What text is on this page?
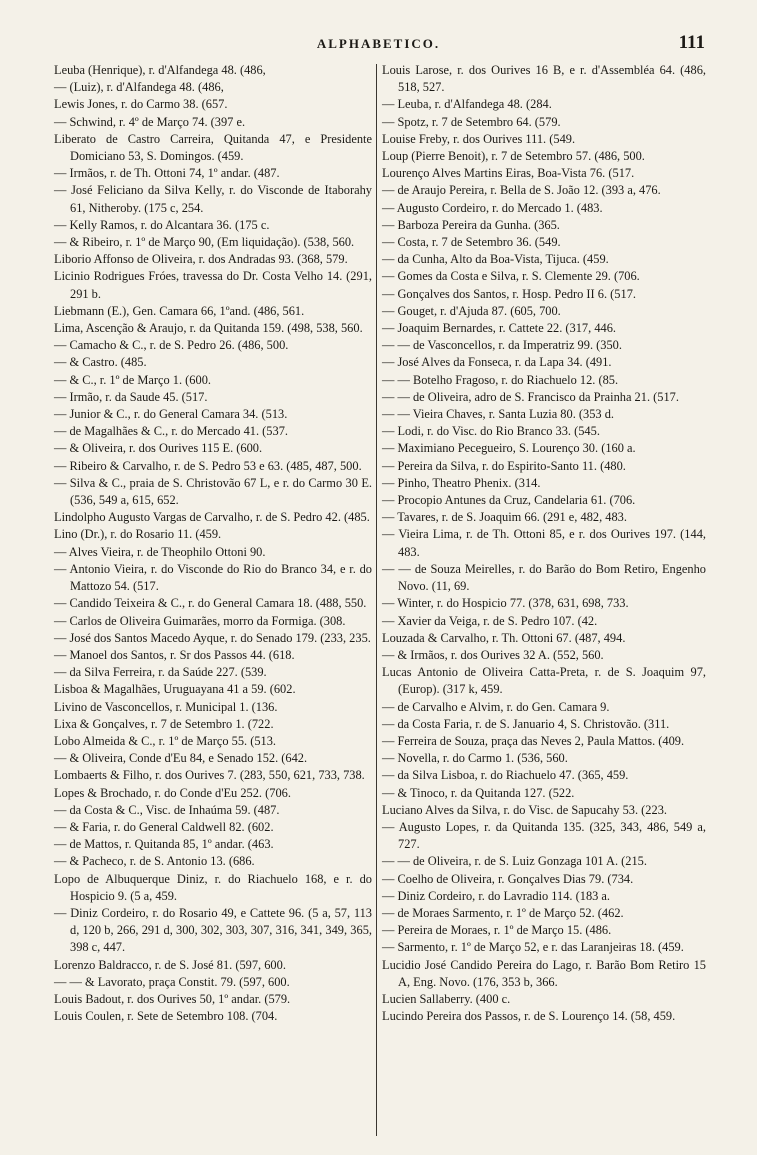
ALPHABETICO.	111

Leuba (Henrique), r. d'Alfandega 48. (486,

— (Luiz), r. d'Alfandega 48. (486,

Lewis Jones, r. do Carmo 38. (657.

— Schwind, r. 4º de Março 74. (397 e.

Liberato de Castro Carreira, Quitanda 47, e Presidente Domiciano 53, S. Domingos. (459.

— Irmãos, r. de Th. Ottoni 74, 1º andar. (487.

— José Feliciano da Silva Kelly, r. do Visconde de Itaborahy 61, Nitheroby. (175 c, 254.

— Kelly Ramos, r. do Alcantara 36. (175 c.

— & Ribeiro, r. 1º de Março 90, (Em liquidação). (538, 560.

Liborio Affonso de Oliveira, r. dos Andradas 93. (368, 579.

Licinio Rodrigues Fróes, travessa do Dr. Costa Velho 14. (291, 291 b.

Liebmann (E.), Gen. Camara 66, 1ºand. (486, 561.

Lima, Ascenção & Araujo, r. da Quitanda 159. (498, 538, 560.

— Camacho & C., r. de S. Pedro 26. (486, 500.

— & Castro. (485.

— & C., r. 1º de Março 1. (600.

— Irmão, r. da Saude 45. (517.

— Junior & C., r. do General Camara 34. (513.

— de Magalhães & C., r. do Mercado 41. (537.

— & Oliveira, r. dos Ourives 115 E. (600.

— Ribeiro & Carvalho, r. de S. Pedro 53 e 63. (485, 487, 500.

— Silva & C., praia de S. Christovão 67 L, e r. do Carmo 30 E. (536, 549 a, 615, 652.

Lindolpho Augusto Vargas de Carvalho, r. de S. Pedro 42. (485.

Lino (Dr.), r. do Rosario 11. (459.

— Alves Vieira, r. de Theophilo Ottoni 90.

— Antonio Vieira, r. do Visconde do Rio do Branco 34, e r. do Mattozo 54. (517.

— Candido Teixeira & C., r. do General Camara 18. (488, 550.

— Carlos de Oliveira Guimarães, morro da Formiga. (308.

— José dos Santos Macedo Ayque, r. do Senado 179. (233, 235.

— Manoel dos Santos, r. Sr dos Passos 44. (618.

— da Silva Ferreira, r. da Saúde 227. (539.

Lisboa & Magalhães, Uruguayana 41 a 59. (602.

Livino de Vasconcellos, r. Municipal 1. (136.

Lixa & Gonçalves, r. 7 de Setembro 1. (722.

Lobo Almeida & C., r. 1º de Março 55. (513.

— & Oliveira, Conde d'Eu 84, e Senado 152. (642.

Lombaerts & Filho, r. dos Ourives 7. (283, 550, 621, 733, 738.

Lopes & Brochado, r. do Conde d'Eu 252. (706.

— da Costa & C., Visc. de Inhaúma 59. (487.

— & Faria, r. do General Caldwell 82. (602.

— de Mattos, r. Quitanda 85, 1º andar. (463.

— & Pacheco, r. de S. Antonio 13. (686.

Lopo de Albuquerque Diniz, r. do Riachuelo 168, e r. do Hospicio 9. (5 a, 459.

— Diniz Cordeiro, r. do Rosario 49, e Cattete 96. (5 a, 57, 113 d, 120 b, 266, 291 d, 300, 302, 303, 307, 316, 341, 349, 365, 398 c, 447.

Lorenzo Baldracco, r. de S. José 81. (597, 600.

— — & Lavorato, praça Constit. 79. (597, 600.

Louis Badout, r. dos Ourives 50, 1º andar. (579.

Louis Coulen, r. Sete de Setembro 108. (704.

Louis Larose, r. dos Ourives 16 B, e r. d'Assembléa 64. (486, 518, 527.

— Leuba, r. d'Alfandega 48. (284.

— Spotz, r. 7 de Setembro 64. (579.

Louise Freby, r. dos Ourives 111. (549.

Loup (Pierre Benoit), r. 7 de Setembro 57. (486, 500.

Lourenço Alves Martins Eiras, Boa-Vista 76. (517.

— de Araujo Pereira, r. Bella de S. João 12. (393 a, 476.

— Augusto Cordeiro, r. do Mercado 1. (483.

— Barboza Pereira da Gunha. (365.

— Costa, r. 7 de Setembro 36. (549.

— da Cunha, Alto da Boa-Vista, Tijuca. (459.

— Gomes da Costa e Silva, r. S. Clemente 29. (706.

— Gonçalves dos Santos, r. Hosp. Pedro II 6. (517.

— Gouget, r. d'Ajuda 87. (605, 700.

— Joaquim Bernardes, r. Cattete 22. (317, 446.

— — de Vasconcellos, r. da Imperatriz 99. (350.

— José Alves da Fonseca, r. da Lapa 34. (491.

— — Botelho Fragoso, r. do Riachuelo 12. (85.

— — de Oliveira, adro de S. Francisco da Prainha 21. (517.

— — Vieira Chaves, r. Santa Luzia 80. (353 d.

— Lodi, r. do Visc. do Rio Branco 33. (545.

— Maximiano Pecegueiro, S. Lourenço 30. (160 a.

— Pereira da Silva, r. do Espirito-Santo 11. (480.

— Pinho, Theatro Phenix. (314.

— Procopio Antunes da Cruz, Candelaria 61. (706.

— Tavares, r. de S. Joaquim 66. (291 e, 482, 483.

— Vieira Lima, r. de Th. Ottoni 85, e r. dos Ourives 197. (144, 483.

— — de Souza Meirelles, r. do Barão do Bom Retiro, Engenho Novo. (11, 69.

— Winter, r. do Hospicio 77. (378, 631, 698, 733.

— Xavier da Veiga, r. de S. Pedro 107. (42.

Louzada & Carvalho, r. Th. Ottoni 67. (487, 494.

— & Irmãos, r. dos Ourives 32 A. (552, 560.

Lucas Antonio de Oliveira Catta-Preta, r. de S. Joaquim 97, (Europ). (317 k, 459.

— de Carvalho e Alvim, r. do Gen. Camara 9.

— da Costa Faria, r. de S. Januario 4, S. Christovão. (311.

— Ferreira de Souza, praça das Neves 2, Paula Mattos. (409.

— Novella, r. do Carmo 1. (536, 560.

— da Silva Lisboa, r. do Riachuelo 47. (365, 459.

— & Tinoco, r. da Quitanda 127. (522.

Luciano Alves da Silva, r. do Visc. de Sapucahy 53. (223.

— Augusto Lopes, r. da Quitanda 135. (325, 343, 486, 549 a, 727.

— — de Oliveira, r. de S. Luiz Gonzaga 101 A. (215.

— Coelho de Oliveira, r. Gonçalves Dias 79. (734.

— Diniz Cordeiro, r. do Lavradio 114. (183 a.

— de Moraes Sarmento, r. 1º de Março 52. (462.

— Pereira de Moraes, r. 1º de Março 15. (486.

— Sarmento, r. 1º de Março 52, e r. das Laranjeiras 18. (459.

Lucidio José Candido Pereira do Lago, r. Barão Bom Retiro 15 A, Eng. Novo. (176, 353 b, 366.

Lucien Sallaberry. (400 c.

Lucindo Pereira dos Passos, r. de S. Lourenço 14. (58, 459.
